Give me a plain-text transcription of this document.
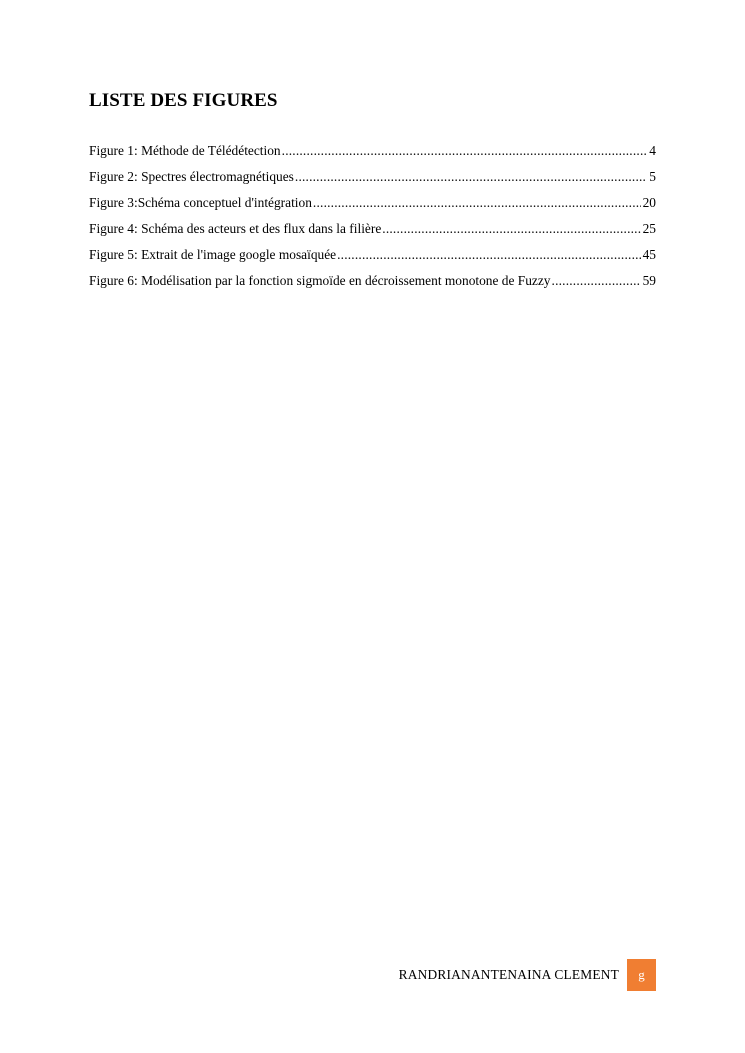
LISTE DES FIGURES
Figure 1: Méthode de Télédétection .....	4
Figure 2: Spectres électromagnétiques .....	5
Figure 3:Schéma conceptuel d'intégration .....	20
Figure 4: Schéma des acteurs et des flux dans la filière .....	25
Figure 5: Extrait de l'image google mosaïquée .....	45
Figure 6: Modélisation par la fonction sigmoïde en décroissement monotone de Fuzzy .....	59
RANDRIANANTENAINA CLEMENT	g
